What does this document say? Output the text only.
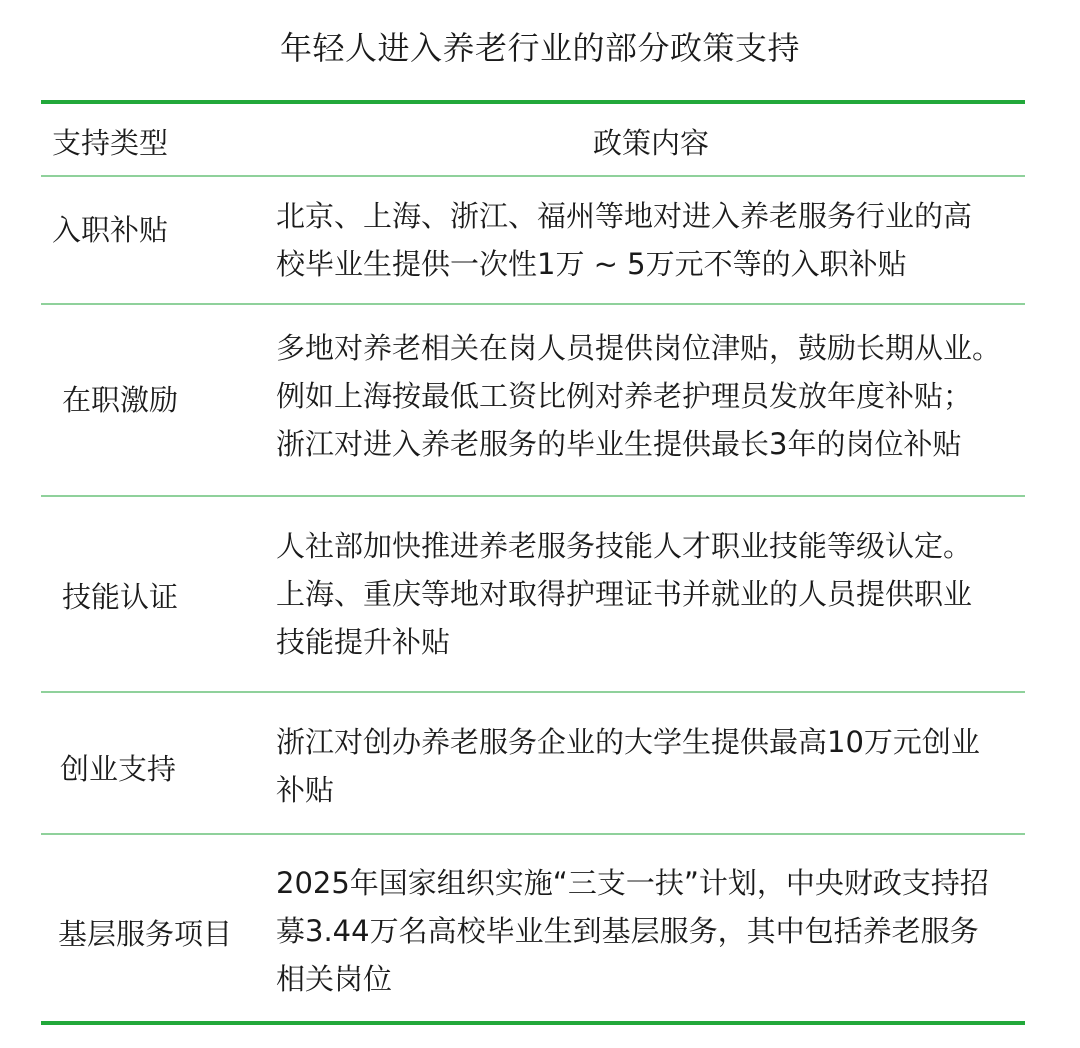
年轻人进入养老行业的部分政策支持
支持类型	政策内容
入职补贴	北京、上海、浙江、福州等地对进入养老服务行业的高
校毕业生提供一次性1万 ~ 5万元不等的入职补贴
在职激励
多地对养老相关在岗人员提供岗位津贴，鼓励长期从业。
例如上海按最低工资比例对养老护理员发放年度补贴；
浙江对进入养老服务的毕业生提供最长3年的岗位补贴
技能认证
人社部加快推进养老服务技能人才职业技能等级认定。
上海、重庆等地对取得护理证书并就业的人员提供职业
技能提升补贴
创业支持
浙江对创办养老服务企业的大学生提供最高10万元创业
补贴
基层服务项目
2025年国家组织实施“三支一扶”计划，中央财政支持招
募3.44万名高校毕业生到基层服务，其中包括养老服务
相关岗位
